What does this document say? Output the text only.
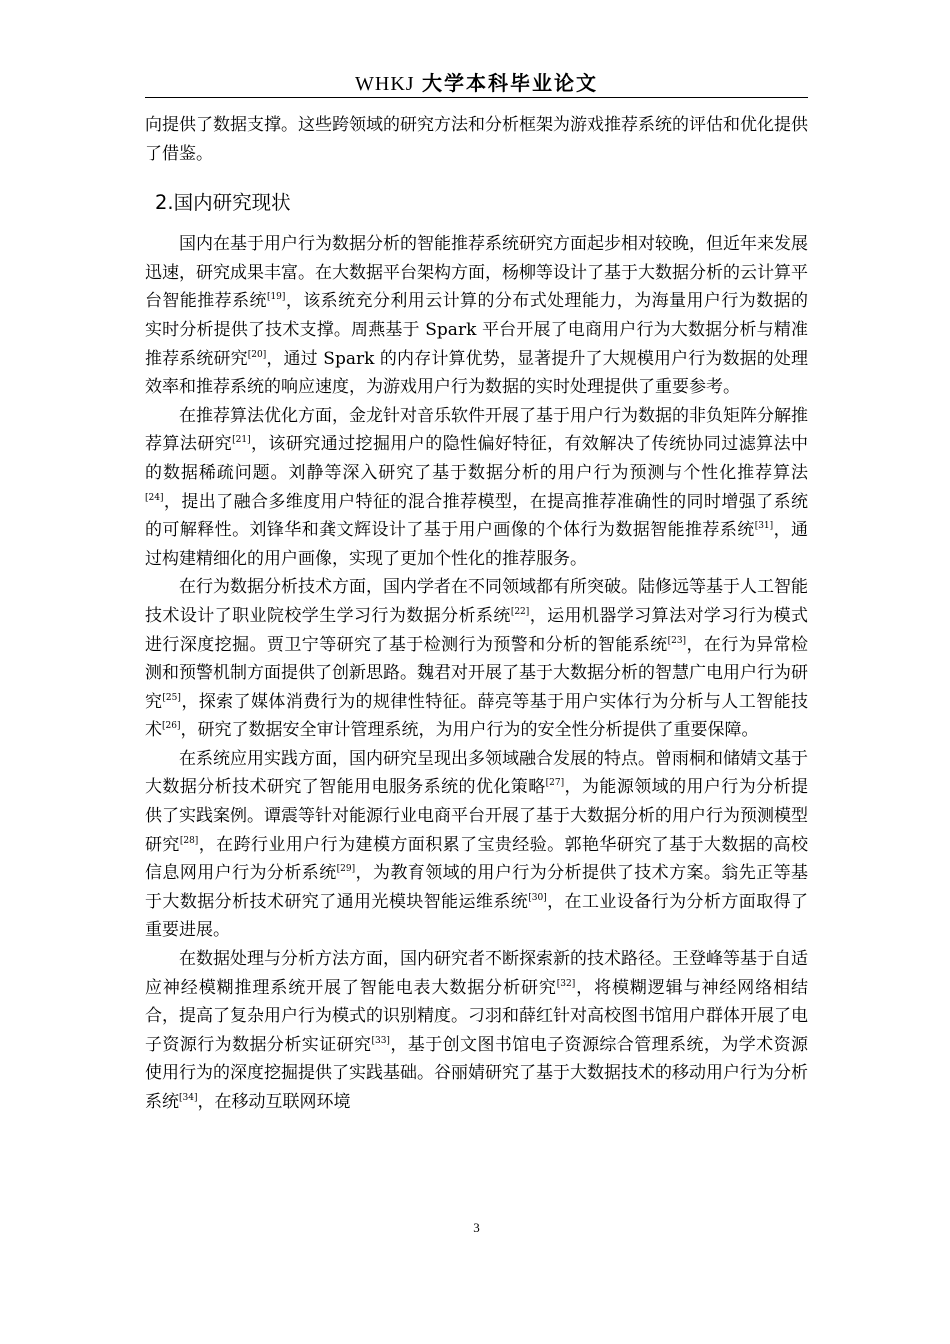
WHKJ 大学本科毕业论文

向提供了数据支撑。这些跨领域的研究方法和分析框架为游戏推荐系统的评估和优化提供了借鉴。

2.国内研究现状

国内在基于用户行为数据分析的智能推荐系统研究方面起步相对较晚，但近年来发展迅速，研究成果丰富。在大数据平台架构方面，杨柳等设计了基于大数据分析的云计算平台智能推荐系统[19]，该系统充分利用云计算的分布式处理能力，为海量用户行为数据的实时分析提供了技术支撑。周燕基于 Spark 平台开展了电商用户行为大数据分析与精准推荐系统研究[20]，通过 Spark 的内存计算优势，显著提升了大规模用户行为数据的处理效率和推荐系统的响应速度，为游戏用户行为数据的实时处理提供了重要参考。

在推荐算法优化方面，金龙针对音乐软件开展了基于用户行为数据的非负矩阵分解推荐算法研究[21]，该研究通过挖掘用户的隐性偏好特征，有效解决了传统协同过滤算法中的数据稀疏问题。刘静等深入研究了基于数据分析的用户行为预测与个性化推荐算法[24]，提出了融合多维度用户特征的混合推荐模型，在提高推荐准确性的同时增强了系统的可解释性。刘锋华和龚文辉设计了基于用户画像的个体行为数据智能推荐系统[31]，通过构建精细化的用户画像，实现了更加个性化的推荐服务。

在行为数据分析技术方面，国内学者在不同领域都有所突破。陆修远等基于人工智能技术设计了职业院校学生学习行为数据分析系统[22]，运用机器学习算法对学习行为模式进行深度挖掘。贾卫宁等研究了基于检测行为预警和分析的智能系统[23]，在行为异常检测和预警机制方面提供了创新思路。魏君对开展了基于大数据分析的智慧广电用户行为研究[25]，探索了媒体消费行为的规律性特征。薛亮等基于用户实体行为分析与人工智能技术[26]，研究了数据安全审计管理系统，为用户行为的安全性分析提供了重要保障。

在系统应用实践方面，国内研究呈现出多领域融合发展的特点。曾雨桐和储婧文基于大数据分析技术研究了智能用电服务系统的优化策略[27]，为能源领域的用户行为分析提供了实践案例。谭震等针对能源行业电商平台开展了基于大数据分析的用户行为预测模型研究[28]，在跨行业用户行为建模方面积累了宝贵经验。郭艳华研究了基于大数据的高校信息网用户行为分析系统[29]，为教育领域的用户行为分析提供了技术方案。翁先正等基于大数据分析技术研究了通用光模块智能运维系统[30]，在工业设备行为分析方面取得了重要进展。

在数据处理与分析方法方面，国内研究者不断探索新的技术路径。王登峰等基于自适应神经模糊推理系统开展了智能电表大数据分析研究[32]，将模糊逻辑与神经网络相结合，提高了复杂用户行为模式的识别精度。刁羽和薛红针对高校图书馆用户群体开展了电子资源行为数据分析实证研究[33]，基于创文图书馆电子资源综合管理系统，为学术资源使用行为的深度挖掘提供了实践基础。谷丽婧研究了基于大数据技术的移动用户行为分析系统[34]，在移动互联网环境

3
